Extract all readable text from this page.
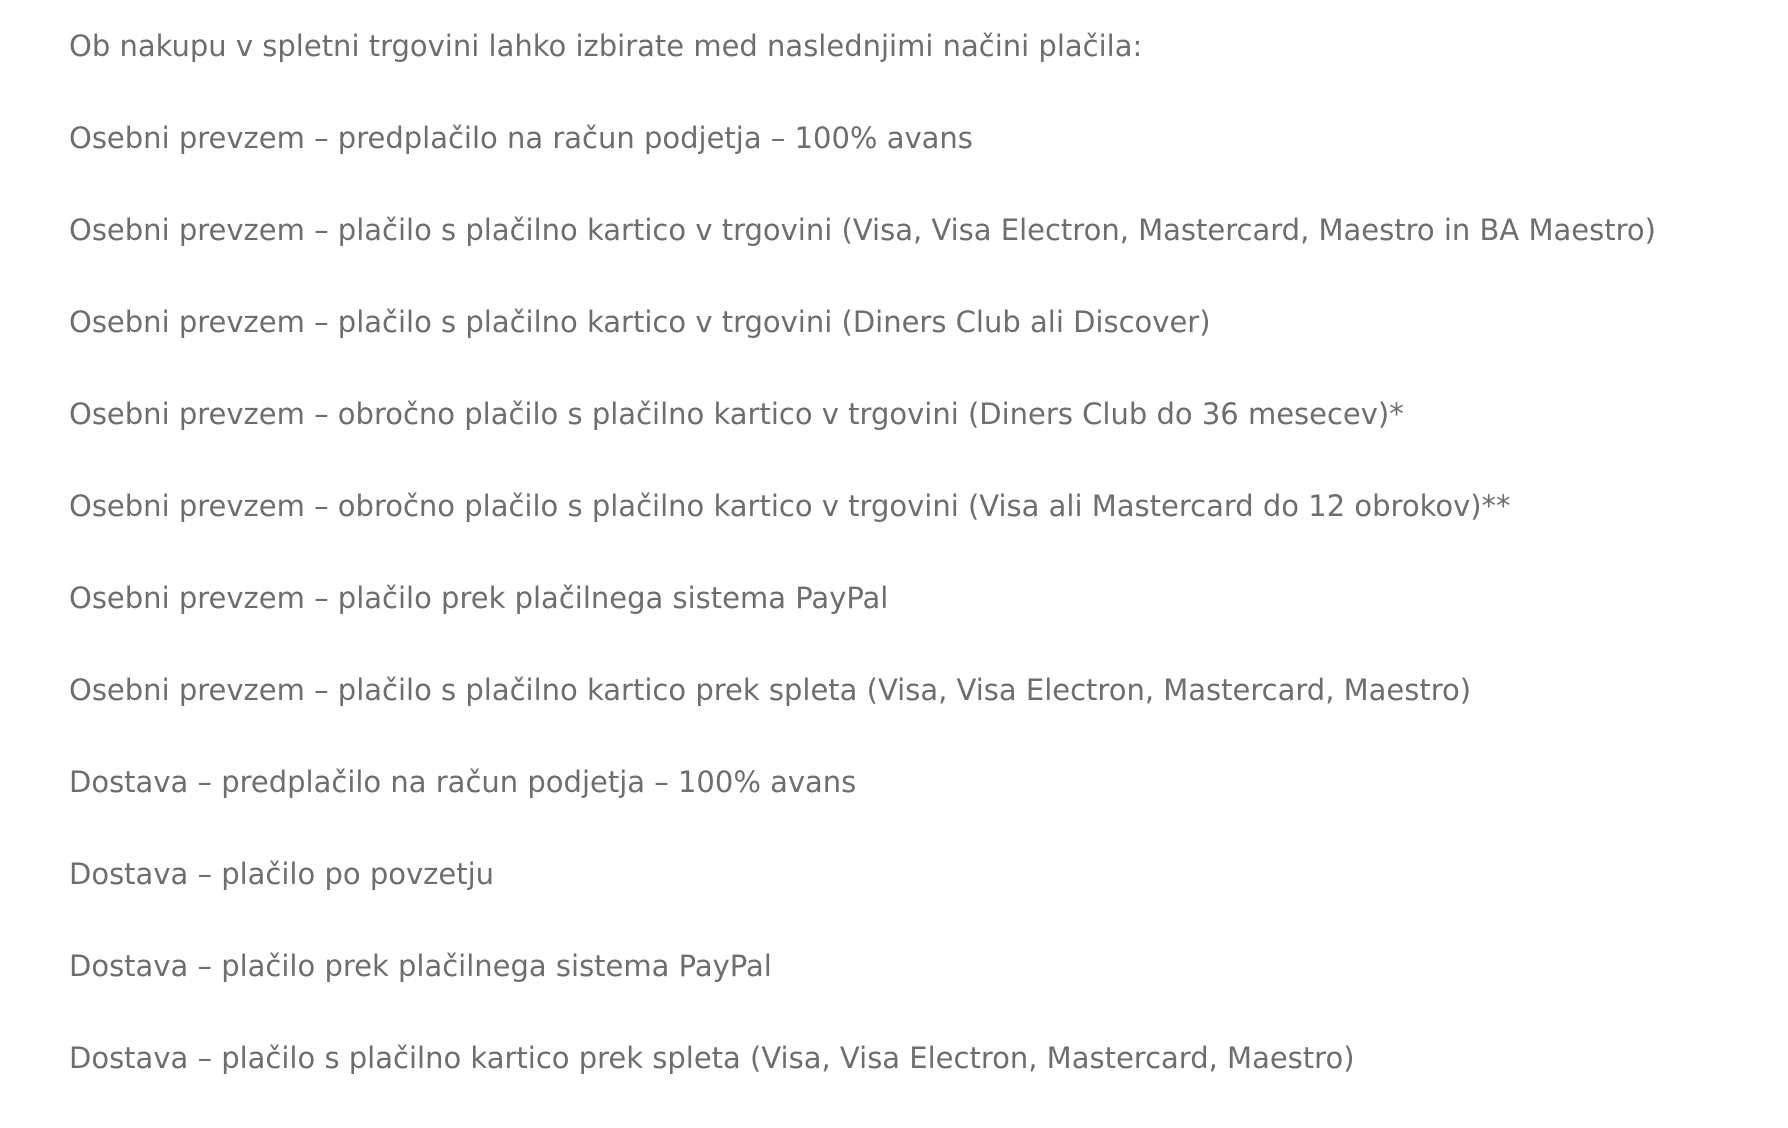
Ob nakupu v spletni trgovini lahko izbirate med naslednjimi načini plačila:

Osebni prevzem – predplačilo na račun podjetja – 100% avans

Osebni prevzem – plačilo s plačilno kartico v trgovini (Visa, Visa Electron, Mastercard, Maestro in BA Maestro)

Osebni prevzem – plačilo s plačilno kartico v trgovini (Diners Club ali Discover)

Osebni prevzem – obročno plačilo s plačilno kartico v trgovini (Diners Club do 36 mesecev)*

Osebni prevzem – obročno plačilo s plačilno kartico v trgovini (Visa ali Mastercard do 12 obrokov)**

Osebni prevzem – plačilo prek plačilnega sistema PayPal

Osebni prevzem – plačilo s plačilno kartico prek spleta (Visa, Visa Electron, Mastercard, Maestro)

Dostava – predplačilo na račun podjetja – 100% avans

Dostava – plačilo po povzetju

Dostava – plačilo prek plačilnega sistema PayPal

Dostava – plačilo s plačilno kartico prek spleta (Visa, Visa Electron, Mastercard, Maestro)
